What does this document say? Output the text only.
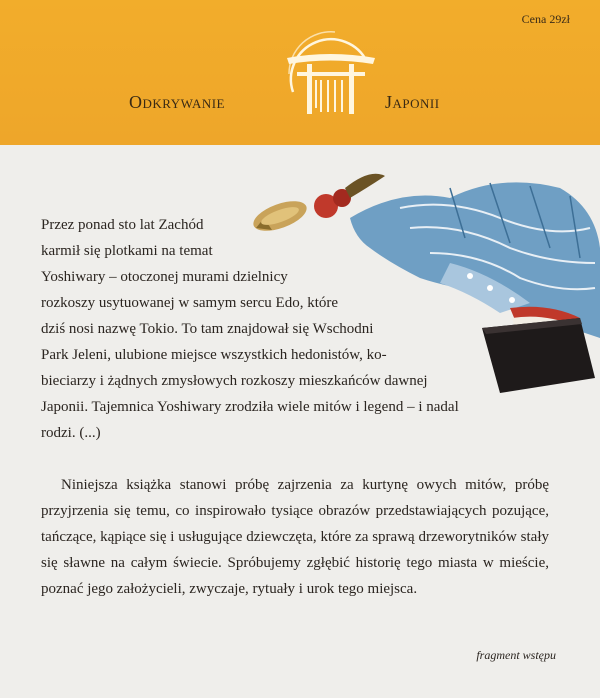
Cena 29zł
Odkrywanie	Japonii
Przez ponad sto lat Zachód
karmił się plotkami na temat
Yoshiwary – otoczonej murami dzielnicy
rozkoszy usytuowanej w samym sercu Edo, które
dziś nosi nazwę Tokio. To tam znajdował się Wschodni
Park Jeleni, ulubione miejsce wszystkich hedonistów, ko-
bieciarzy i żądnych zmysłowych rozkoszy mieszkańców dawnej
Japonii. Tajemnica Yoshiwary zrodziła wiele mitów i legend – i nadal
rodzi. (...)

Niniejsza książka stanowi próbę zajrzenia za kurtynę owych mitów, próbę przyjrzenia się temu, co inspirowało tysiące obrazów przedstawiających pozujące, tańczące, kąpiące się i usługujące dziewczęta, które za sprawą drzeworytników stały się sławne na całym świecie. Spróbujemy zgłębić historię tego miasta w mieście, poznać jego założycieli, zwyczaje, rytuały i urok tego miejsca.

fragment wstępu
